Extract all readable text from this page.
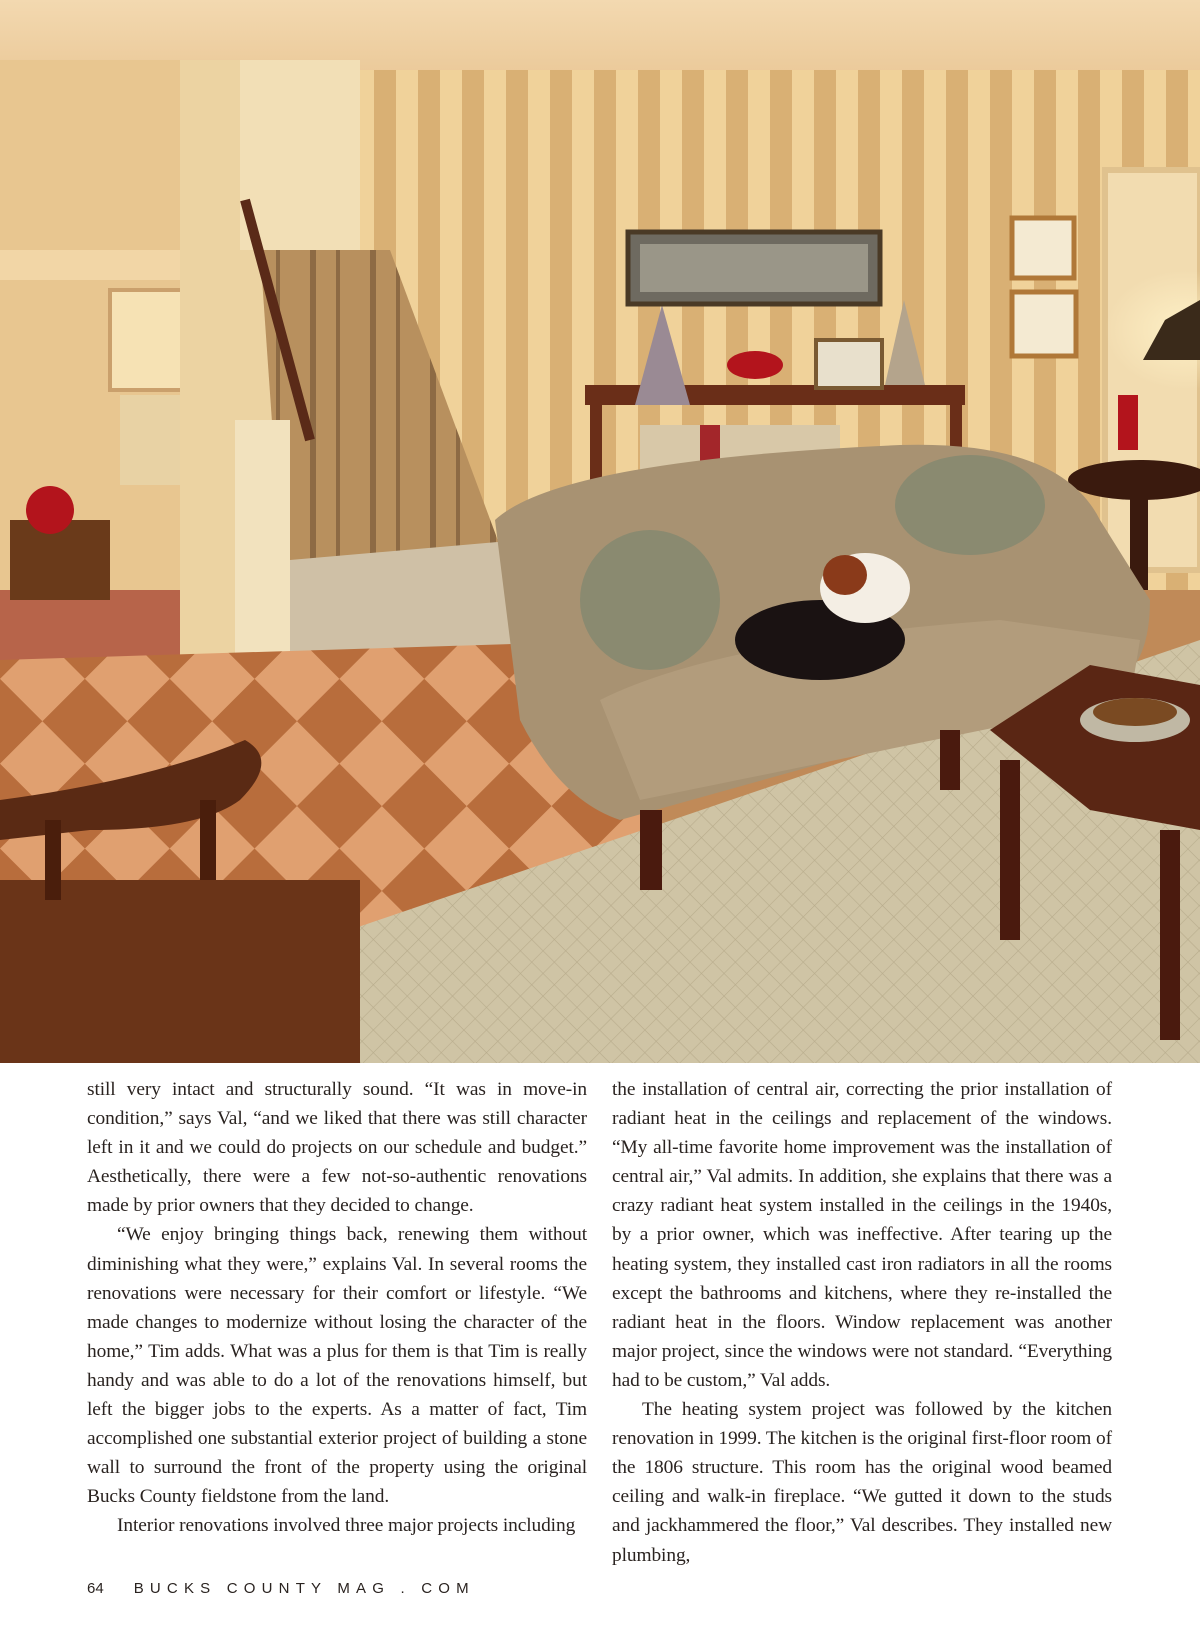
still very intact and structurally sound. “It was in move-in condition,” says Val, “and we liked that there was still character left in it and we could do projects on our schedule and budget.” Aesthetically, there were a few not-so-authentic renovations made by prior owners that they decided to change.

“We enjoy bringing things back, renewing them without diminishing what they were,” explains Val. In several rooms the renovations were necessary for their comfort or lifestyle. “We made changes to modernize without losing the character of the home,” Tim adds. What was a plus for them is that Tim is really handy and was able to do a lot of the renovations himself, but left the bigger jobs to the experts. As a matter of fact, Tim accomplished one substantial exterior project of building a stone wall to surround the front of the property using the original Bucks County fieldstone from the land.

Interior renovations involved three major projects including

the installation of central air, correcting the prior installation of radiant heat in the ceilings and replacement of the windows. “My all-time favorite home improvement was the installation of central air,” Val admits. In addition, she explains that there was a crazy radiant heat system installed in the ceilings in the 1940s, by a prior owner, which was ineffective. After tearing up the heating system, they installed cast iron radiators in all the rooms except the bathrooms and kitchens, where they re-installed the radiant heat in the floors. Window replacement was another major project, since the windows were not standard. “Everything had to be custom,” Val adds.

The heating system project was followed by the kitchen renovation in 1999. The kitchen is the original first-floor room of the 1806 structure. This room has the original wood beamed ceiling and walk-in fireplace. “We gutted it down to the studs and jackhammered the floor,” Val describes. They installed new plumbing,

64 BUCKS COUNTY MAG . COM
